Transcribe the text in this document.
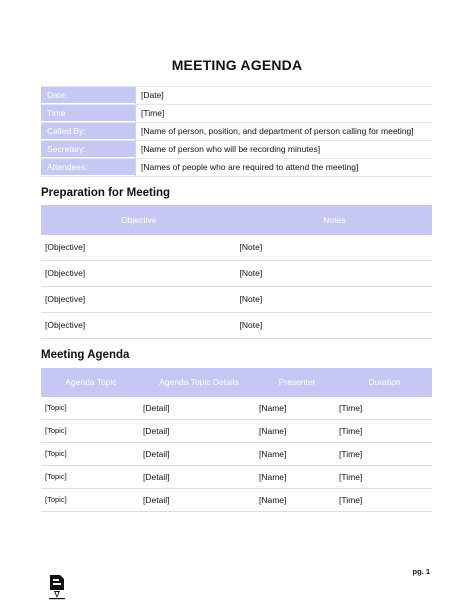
MEETING AGENDA
Date:	[Date]
Time	[Time]
Called By:	[Name of person, position, and department of person calling for meeting]
Secretary:	[Name of person who will be recording minutes]
Attendees:	[Names of people who are required to attend the meeting]
Preparation for Meeting
Objective	Notes
[Objective]	[Note]
[Objective]	[Note]
[Objective]	[Note]
[Objective]	[Note]
Meeting Agenda
Agenda Topic	Agenda Topic Details	Presenter	Duration
[Topic]	[Detail]	[Name]	[Time]
[Topic]	[Detail]	[Name]	[Time]
[Topic]	[Detail]	[Name]	[Time]
[Topic]	[Detail]	[Name]	[Time]
[Topic]	[Detail]	[Name]	[Time]
pg. 1
